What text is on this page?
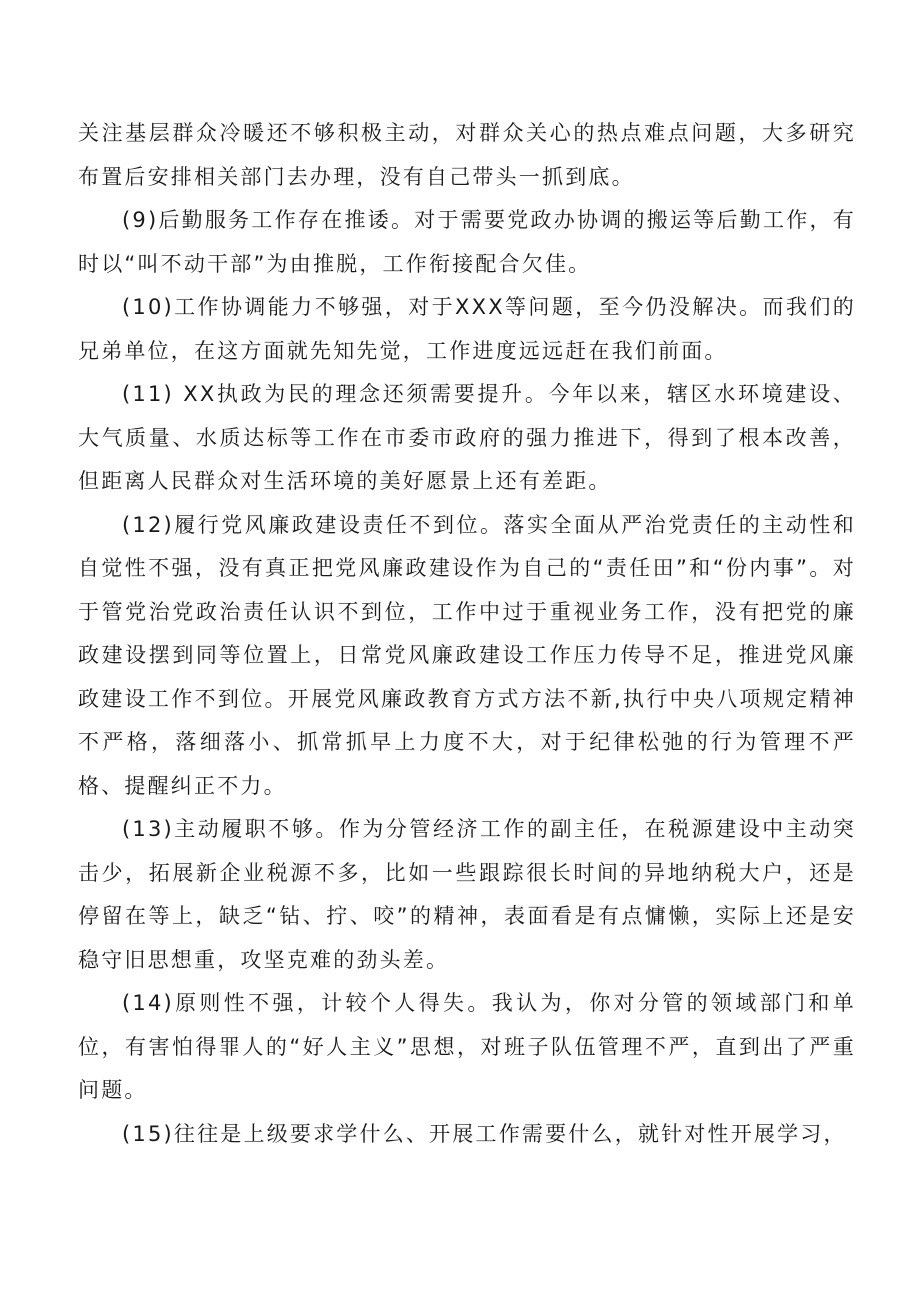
关注基层群众冷暖还不够积极主动，对群众关心的热点难点问题，大多研究布置后安排相关部门去办理，没有自己带头一抓到底。

(9)后勤服务工作存在推诿。对于需要党政办协调的搬运等后勤工作，有时以“叫不动干部”为由推脱，工作衔接配合欠佳。

(10)工作协调能力不够强，对于XXX等问题，至今仍没解决。而我们的兄弟单位，在这方面就先知先觉，工作进度远远赶在我们前面。

(11) XX执政为民的理念还须需要提升。今年以来，辖区水环境建设、大气质量、水质达标等工作在市委市政府的强力推进下，得到了根本改善，但距离人民群众对生活环境的美好愿景上还有差距。

(12)履行党风廉政建设责任不到位。落实全面从严治党责任的主动性和自觉性不强，没有真正把党风廉政建设作为自己的“责任田”和“份内事”。对于管党治党政治责任认识不到位，工作中过于重视业务工作，没有把党的廉政建设摆到同等位置上，日常党风廉政建设工作压力传导不足，推进党风廉政建设工作不到位。开展党风廉政教育方式方法不新,执行中央八项规定精神不严格，落细落小、抓常抓早上力度不大，对于纪律松弛的行为管理不严格、提醒纠正不力。

(13)主动履职不够。作为分管经济工作的副主任，在税源建设中主动突击少，拓展新企业税源不多，比如一些跟踪很长时间的异地纳税大户，还是停留在等上，缺乏“钻、拧、咬”的精神，表面看是有点慵懒，实际上还是安稳守旧思想重，攻坚克难的劲头差。

(14)原则性不强，计较个人得失。我认为，你对分管的领域部门和单位，有害怕得罪人的“好人主义”思想，对班子队伍管理不严，直到出了严重问题。

(15)往往是上级要求学什么、开展工作需要什么，就针对性开展学习，
